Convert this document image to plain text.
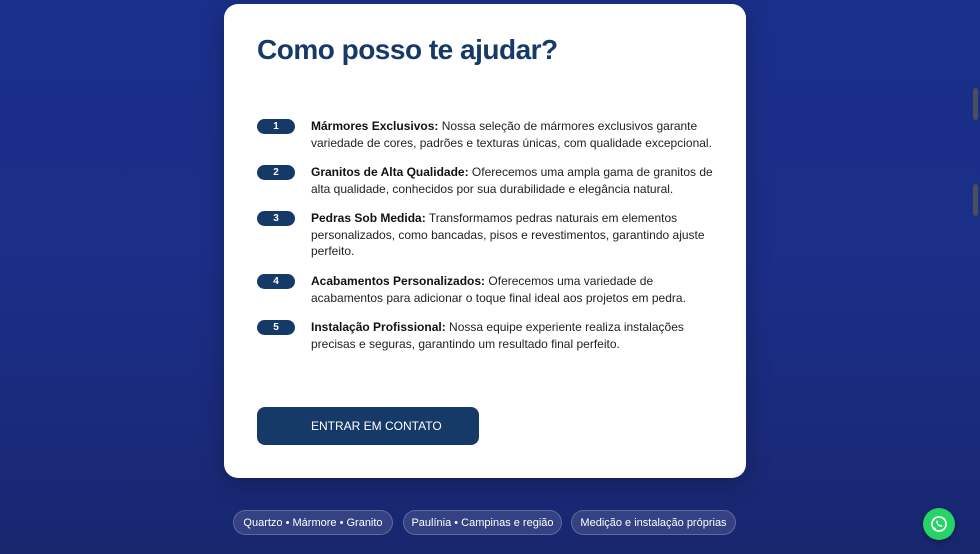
Como posso te ajudar?
1	Mármores Exclusivos: Nossa seleção de mármores exclusivos garante variedade de cores, padrões e texturas únicas, com qualidade excepcional.

2	Granitos de Alta Qualidade: Oferecemos uma ampla gama de granitos de alta qualidade, conhecidos por sua durabilidade e elegância natural.

3	Pedras Sob Medida: Transformamos pedras naturais em elementos personalizados, como bancadas, pisos e revestimentos, garantindo ajuste perfeito.

4	Acabamentos Personalizados: Oferecemos uma variedade de acabamentos para adicionar o toque final ideal aos projetos em pedra.

5	Instalação Profissional: Nossa equipe experiente realiza instalações precisas e seguras, garantindo um resultado final perfeito.

ENTRAR EM CONTATO
Quartzo • Mármore • Granito	Paulínia • Campinas e região	Medição e instalação próprias
